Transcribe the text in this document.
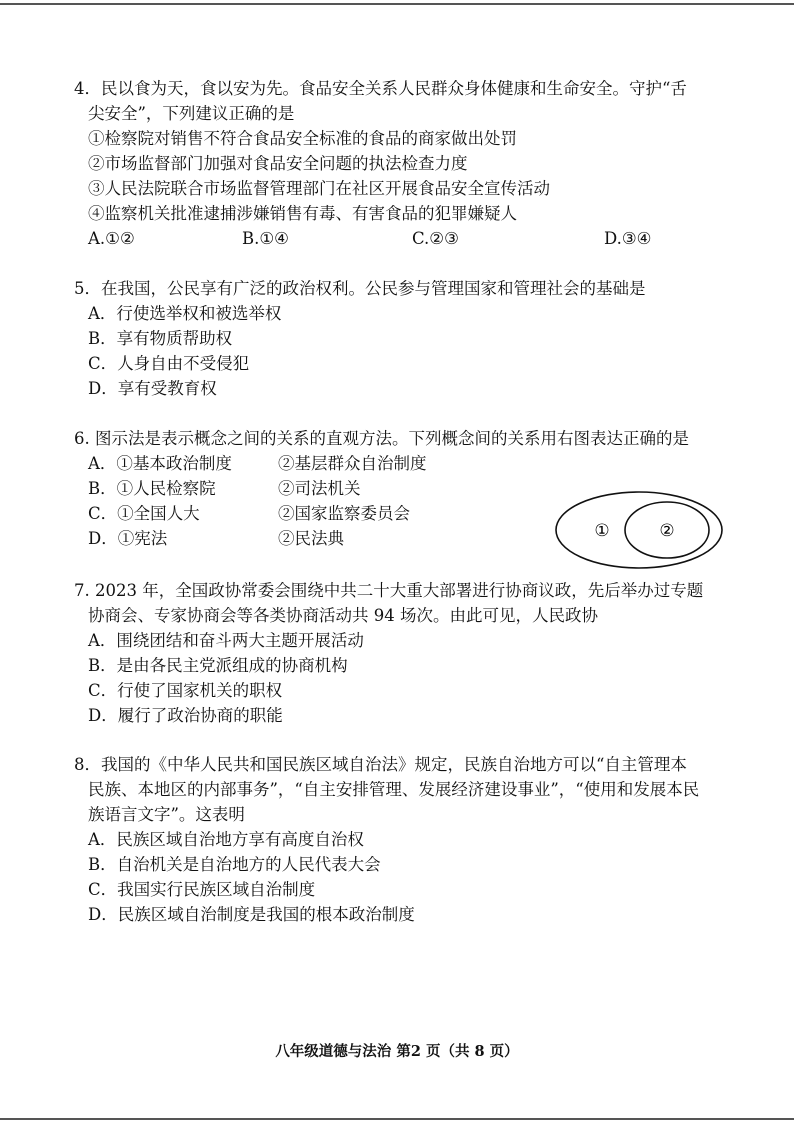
4．民以食为天，食以安为先。食品安全关系人民群众身体健康和生命安全。守护“舌
尖安全”，下列建议正确的是
①检察院对销售不符合食品安全标准的食品的商家做出处罚
②市场监督部门加强对食品安全问题的执法检查力度
③人民法院联合市场监督管理部门在社区开展食品安全宣传活动
④监察机关批准逮捕涉嫌销售有毒、有害食品的犯罪嫌疑人
A.①②	B.①④	C.②③	D.③④
5．在我国，公民享有广泛的政治权利。公民参与管理国家和管理社会的基础是
A．行使选举权和被选举权
B．享有物质帮助权
C．人身自由不受侵犯
D．享有受教育权
6. 图示法是表示概念之间的关系的直观方法。下列概念间的关系用右图表达正确的是
A．①基本政治制度	②基层群众自治制度
B．①人民检察院	②司法机关
C．①全国人大	②国家监察委员会
D．①宪法	②民法典	①	②
7. 2023 年，全国政协常委会围绕中共二十大重大部署进行协商议政，先后举办过专题
协商会、专家协商会等各类协商活动共 94 场次。由此可见，人民政协
A．围绕团结和奋斗两大主题开展活动
B．是由各民主党派组成的协商机构
C．行使了国家机关的职权
D．履行了政治协商的职能
8．我国的《中华人民共和国民族区域自治法》规定，民族自治地方可以“自主管理本
民族、本地区的内部事务”，“自主安排管理、发展经济建设事业”，“使用和发展本民
族语言文字”。这表明
A．民族区域自治地方享有高度自治权
B．自治机关是自治地方的人民代表大会
C．我国实行民族区域自治制度
D．民族区域自治制度是我国的根本政治制度
八年级道德与法治 第2 页（共 8 页）
